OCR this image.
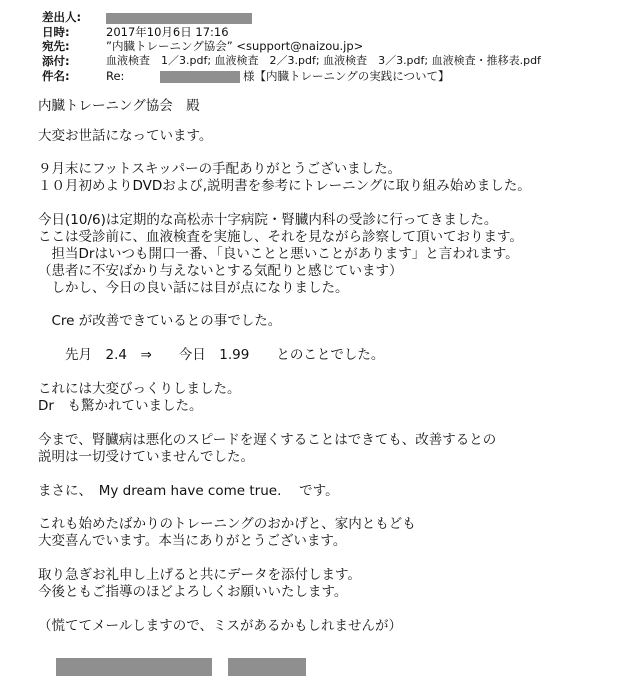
差出人:
日時:	2017年10月6日 17:16
宛先:	”内臓トレーニング協会” <support@naizou.jp>
添付:	血液検査　1／3.pdf; 血液検査　2／3.pdf; 血液検査　3／3.pdf; 血液検査・推移表.pdf
件名:	Re:	様【内臓トレーニングの実践について】
内臓トレーニング協会　殿
大変お世話になっています。
９月末にフットスキッパーの手配ありがとうございました。
１０月初めよりDVDおよび,説明書を参考にトレーニングに取り組み始めました。
今日(10/6)は定期的な高松赤十字病院・腎臓内科の受診に行ってきました。
ここは受診前に、血液検査を実施し、それを見ながら診察して頂いております。
　担当Drはいつも開口一番、「良いことと悪いことがあります」と言われます。
（患者に不安ばかり与えないとする気配りと感じています）
　しかし、今日の良い話には目が点になりました。
　Cre が改善できているとの事でした。
　　先月　2.4　⇒　　今日　1.99　　とのことでした。
これには大変びっくりしました。
Dr　も驚かれていました。
今まで、腎臓病は悪化のスピードを遅くすることはできても、改善するとの
説明は一切受けていませんでした。
まさに、　My dream have come true.　 です。
これも始めたばかりのトレーニングのおかげと、家内ともども
大変喜んでいます。本当にありがとうございます。
取り急ぎお礼申し上げると共にデータを添付します。
今後ともご指導のほどよろしくお願いいたします。
（慌ててメールしますので、ミスがあるかもしれませんが）
